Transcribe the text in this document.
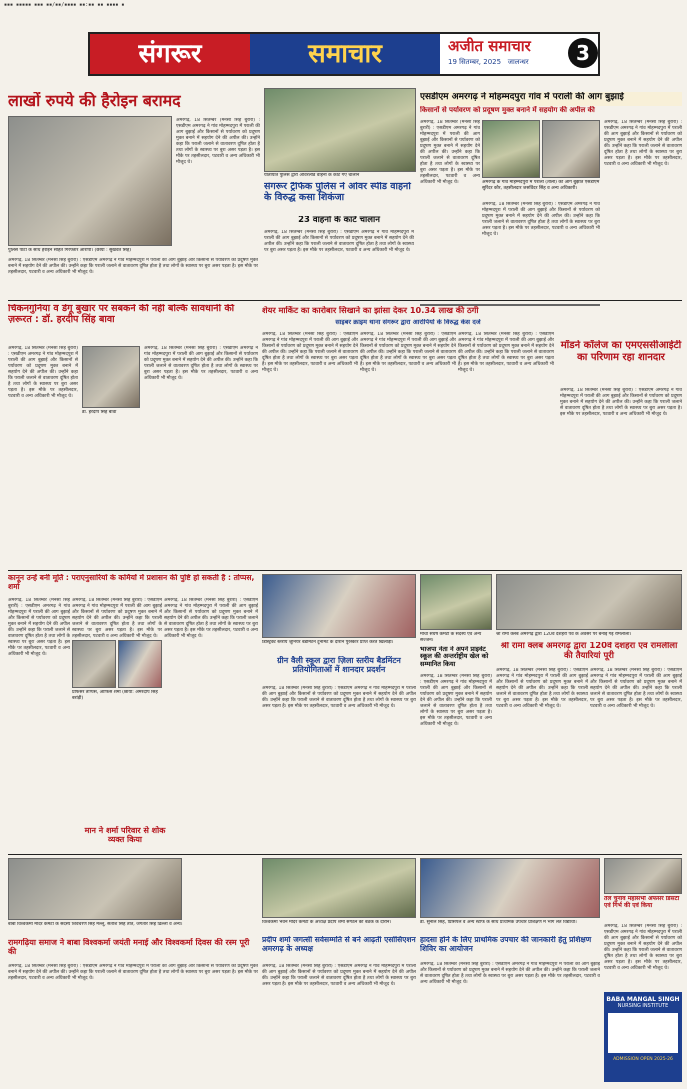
▪▪▪ ▪▪▪▪▪ ▪▪▪ ▪▪/▪▪/▪▪▪▪ ▪▪:▪▪ ▪▪ ▪▪▪▪ ▪
संगरूर	समाचार	अजीत समाचार
19 सितम्बर, 2025 जालन्धर	3
लाखों रुपये की हैरोइन बरामद
पुलिस पार्टी के साथ हेरोइन सहित गिरफ्तार आरोपी। (छाया : सुखवंत सिंह)
अमरगढ़, 18 सितम्बर (मनसा सिंह बुरारी) : एसडीएम अमरगढ़ ने गांव मोहम्मदपुरा में पराली की आग बुझाई और किसानों से पर्यावरण को प्रदूषण मुक्त बनाने में सहयोग देने की अपील की। उन्होंने कहा कि पराली जलाने से वातावरण दूषित होता है तथा लोगों के स्वास्थ्य पर बुरा असर पड़ता है। इस मौके पर तहसीलदार, पटवारी व अन्य अधिकारी भी मौजूद थे।
अमरगढ़, 18 सितम्बर (मनसा सिंह बुरारी) : एसडीएम अमरगढ़ ने गांव मोहम्मदपुरा में पराली की आग बुझाई और किसानों से पर्यावरण को प्रदूषण मुक्त बनाने में सहयोग देने की अपील की। उन्होंने कहा कि पराली जलाने से वातावरण दूषित होता है तथा लोगों के स्वास्थ्य पर बुरा असर पड़ता है। इस मौके पर तहसीलदार, पटवारी व अन्य अधिकारी भी मौजूद थे।
यातायात पुलिस द्वारा ओवरलोड वाहनों के काटे गए चालान
संगरूर ट्रैफिक पुलिस ने ओवर स्पीड वाहनों के विरुद्ध कसा शिकंजा
23 वाहनों के काटे चालान
अमरगढ़, 18 सितम्बर (मनसा सिंह बुरारी) : एसडीएम अमरगढ़ ने गांव मोहम्मदपुरा में पराली की आग बुझाई और किसानों से पर्यावरण को प्रदूषण मुक्त बनाने में सहयोग देने की अपील की। उन्होंने कहा कि पराली जलाने से वातावरण दूषित होता है तथा लोगों के स्वास्थ्य पर बुरा असर पड़ता है। इस मौके पर तहसीलदार, पटवारी व अन्य अधिकारी भी मौजूद थे।
एसडीएम अमरगढ़ ने मोहम्मदपुरा गांव में पराली की आग बुझाई
किसानों से पर्यावरण को प्रदूषण मुक्त बनाने में सहयोग की अपील की
अमरगढ़, 18 सितम्बर (मनसा सिंह बुरारी) : एसडीएम अमरगढ़ ने गांव मोहम्मदपुरा में पराली की आग बुझाई और किसानों से पर्यावरण को प्रदूषण मुक्त बनाने में सहयोग देने की अपील की। उन्होंने कहा कि पराली जलाने से वातावरण दूषित होता है तथा लोगों के स्वास्थ्य पर बुरा असर पड़ता है। इस मौके पर तहसीलदार, पटवारी व अन्य अधिकारी भी मौजूद थे।	अमरगढ़ के गांव मोहम्मदपुरा में पराली (तीली) की आग बुझाते एसडीएम सुरिंदर कौर, तहसीलदार जसविंदर सिंह व अन्य अधिकारी।
अमरगढ़, 18 सितम्बर (मनसा सिंह बुरारी) : एसडीएम अमरगढ़ ने गांव मोहम्मदपुरा में पराली की आग बुझाई और किसानों से पर्यावरण को प्रदूषण मुक्त बनाने में सहयोग देने की अपील की। उन्होंने कहा कि पराली जलाने से वातावरण दूषित होता है तथा लोगों के स्वास्थ्य पर बुरा असर पड़ता है। इस मौके पर तहसीलदार, पटवारी व अन्य अधिकारी भी मौजूद थे।
अमरगढ़, 18 सितम्बर (मनसा सिंह बुरारी) : एसडीएम अमरगढ़ ने गांव मोहम्मदपुरा में पराली की आग बुझाई और किसानों से पर्यावरण को प्रदूषण मुक्त बनाने में सहयोग देने की अपील की। उन्होंने कहा कि पराली जलाने से वातावरण दूषित होता है तथा लोगों के स्वास्थ्य पर बुरा असर पड़ता है। इस मौके पर तहसीलदार, पटवारी व अन्य अधिकारी भी मौजूद थे।
चिकनगुनिया व डेंगू बुखार पर सबकने की नहीं बल्कि सावधानी की ज़रूरत : डॉ. हरदीप सिंह बावा
अमरगढ़, 18 सितम्बर (मनसा सिंह बुरारी) : एसडीएम अमरगढ़ ने गांव मोहम्मदपुरा में पराली की आग बुझाई और किसानों से पर्यावरण को प्रदूषण मुक्त बनाने में सहयोग देने की अपील की। उन्होंने कहा कि पराली जलाने से वातावरण दूषित होता है तथा लोगों के स्वास्थ्य पर बुरा असर पड़ता है। इस मौके पर तहसीलदार, पटवारी व अन्य अधिकारी भी मौजूद थे।
डा. हरदीप सिंह बावा
अमरगढ़, 18 सितम्बर (मनसा सिंह बुरारी) : एसडीएम अमरगढ़ ने गांव मोहम्मदपुरा में पराली की आग बुझाई और किसानों से पर्यावरण को प्रदूषण मुक्त बनाने में सहयोग देने की अपील की। उन्होंने कहा कि पराली जलाने से वातावरण दूषित होता है तथा लोगों के स्वास्थ्य पर बुरा असर पड़ता है। इस मौके पर तहसीलदार, पटवारी व अन्य अधिकारी भी मौजूद थे।
शेयर मार्किट का कारोबार सिखाने का झांसा देकर 10.34 लाख की ठगी
साइबर क्राइम थाना संगरूर द्वारा आरोपियों के विरुद्ध केस दर्ज
अमरगढ़, 18 सितम्बर (मनसा सिंह बुरारी) : एसडीएम अमरगढ़ ने गांव मोहम्मदपुरा में पराली की आग बुझाई और किसानों से पर्यावरण को प्रदूषण मुक्त बनाने में सहयोग देने की अपील की। उन्होंने कहा कि पराली जलाने से वातावरण दूषित होता है तथा लोगों के स्वास्थ्य पर बुरा असर पड़ता है। इस मौके पर तहसीलदार, पटवारी व अन्य अधिकारी भी मौजूद थे।
अमरगढ़, 18 सितम्बर (मनसा सिंह बुरारी) : एसडीएम अमरगढ़ ने गांव मोहम्मदपुरा में पराली की आग बुझाई और किसानों से पर्यावरण को प्रदूषण मुक्त बनाने में सहयोग देने की अपील की। उन्होंने कहा कि पराली जलाने से वातावरण दूषित होता है तथा लोगों के स्वास्थ्य पर बुरा असर पड़ता है। इस मौके पर तहसीलदार, पटवारी व अन्य अधिकारी भी मौजूद थे।
अमरगढ़, 18 सितम्बर (मनसा सिंह बुरारी) : एसडीएम अमरगढ़ ने गांव मोहम्मदपुरा में पराली की आग बुझाई और किसानों से पर्यावरण को प्रदूषण मुक्त बनाने में सहयोग देने की अपील की। उन्होंने कहा कि पराली जलाने से वातावरण दूषित होता है तथा लोगों के स्वास्थ्य पर बुरा असर पड़ता है। इस मौके पर तहसीलदार, पटवारी व अन्य अधिकारी भी मौजूद थे।
मॉडर्न कॉलेज का एमएससीआईटी का परिणाम रहा शानदार
अमरगढ़, 18 सितम्बर (मनसा सिंह बुरारी) : एसडीएम अमरगढ़ ने गांव मोहम्मदपुरा में पराली की आग बुझाई और किसानों से पर्यावरण को प्रदूषण मुक्त बनाने में सहयोग देने की अपील की। उन्होंने कहा कि पराली जलाने से वातावरण दूषित होता है तथा लोगों के स्वास्थ्य पर बुरा असर पड़ता है। इस मौके पर तहसीलदार, पटवारी व अन्य अधिकारी भी मौजूद थे।
कानून उन्हें बनी मूर्ति : पराएनुसारियों के कर्मियों में प्रशासन की पुष्टि हो सकती है : तोप्पस, शर्मा
अमरगढ़, 18 सितम्बर (मनसा सिंह बुरारी) : एसडीएम अमरगढ़ ने गांव मोहम्मदपुरा में पराली की आग बुझाई और किसानों से पर्यावरण को प्रदूषण मुक्त बनाने में सहयोग देने की अपील की। उन्होंने कहा कि पराली जलाने से वातावरण दूषित होता है तथा लोगों के स्वास्थ्य पर बुरा असर पड़ता है। इस मौके पर तहसीलदार, पटवारी व अन्य अधिकारी भी मौजूद थे।
प्रोफेसर तोप्पस, ऑफिस शर्मा (छाया: अमरदीप सिंह बरांड़ी)
अमरगढ़, 18 सितम्बर (मनसा सिंह बुरारी) : एसडीएम अमरगढ़ ने गांव मोहम्मदपुरा में पराली की आग बुझाई और किसानों से पर्यावरण को प्रदूषण मुक्त बनाने में सहयोग देने की अपील की। उन्होंने कहा कि पराली जलाने से वातावरण दूषित होता है तथा लोगों के स्वास्थ्य पर बुरा असर पड़ता है। इस मौके पर तहसीलदार, पटवारी व अन्य अधिकारी भी मौजूद थे।
अमरगढ़, 18 सितम्बर (मनसा सिंह बुरारी) : एसडीएम अमरगढ़ ने गांव मोहम्मदपुरा में पराली की आग बुझाई और किसानों से पर्यावरण को प्रदूषण मुक्त बनाने में सहयोग देने की अपील की। उन्होंने कहा कि पराली जलाने से वातावरण दूषित होता है तथा लोगों के स्वास्थ्य पर बुरा असर पड़ता है। इस मौके पर तहसीलदार, पटवारी व अन्य अधिकारी भी मौजूद थे।
डिस्ट्रिक्ट स्तरीय जूनियर बैडमिंटन टूर्नामेंट के दौरान पुरस्कार प्राप्त करते खिलाड़ी।
ग्रीन वैली स्कूल द्वारा ज़िला स्तरीय बैडमिंटन प्रतियोगिताओं में शानदार प्रदर्शन
अमरगढ़, 18 सितम्बर (मनसा सिंह बुरारी) : एसडीएम अमरगढ़ ने गांव मोहम्मदपुरा में पराली की आग बुझाई और किसानों से पर्यावरण को प्रदूषण मुक्त बनाने में सहयोग देने की अपील की। उन्होंने कहा कि पराली जलाने से वातावरण दूषित होता है तथा लोगों के स्वास्थ्य पर बुरा असर पड़ता है। इस मौके पर तहसीलदार, पटवारी व अन्य अधिकारी भी मौजूद थे।
मोर्चा संघर्ष कमेटी के सदस्य एवं अन्य सज्जन।
भाजपा नेता ने अपने प्राइवेट स्कूल की अन्तर्राष्ट्रीय खेल को सम्मानित किया
श्री रामा क्लब अमरगढ़ द्वारा 120वें दशहरा पर्व के अवसर पर बनाई गई रामलीला।
श्री रामा क्लब अमरगढ़ द्वारा 120वें दशहरा एवं रामलीला की तैयारियां पूरी
अमरगढ़, 18 सितम्बर (मनसा सिंह बुरारी) : एसडीएम अमरगढ़ ने गांव मोहम्मदपुरा में पराली की आग बुझाई और किसानों से पर्यावरण को प्रदूषण मुक्त बनाने में सहयोग देने की अपील की। उन्होंने कहा कि पराली जलाने से वातावरण दूषित होता है तथा लोगों के स्वास्थ्य पर बुरा असर पड़ता है। इस मौके पर तहसीलदार, पटवारी व अन्य अधिकारी भी मौजूद थे।
अमरगढ़, 18 सितम्बर (मनसा सिंह बुरारी) : एसडीएम अमरगढ़ ने गांव मोहम्मदपुरा में पराली की आग बुझाई और किसानों से पर्यावरण को प्रदूषण मुक्त बनाने में सहयोग देने की अपील की। उन्होंने कहा कि पराली जलाने से वातावरण दूषित होता है तथा लोगों के स्वास्थ्य पर बुरा असर पड़ता है। इस मौके पर तहसीलदार, पटवारी व अन्य अधिकारी भी मौजूद थे।
अमरगढ़, 18 सितम्बर (मनसा सिंह बुरारी) : एसडीएम अमरगढ़ ने गांव मोहम्मदपुरा में पराली की आग बुझाई और किसानों से पर्यावरण को प्रदूषण मुक्त बनाने में सहयोग देने की अपील की। उन्होंने कहा कि पराली जलाने से वातावरण दूषित होता है तथा लोगों के स्वास्थ्य पर बुरा असर पड़ता है। इस मौके पर तहसीलदार, पटवारी व अन्य अधिकारी भी मौजूद थे।
मान ने शर्मा परिवार से शोक व्यक्त किया
बाबा विश्वकर्मा मंदिर कमेटी के सदस्य शिवचरण सिंह मल्लू, सतीश सिंह तोते, जगतार सिंह ढिल्लो व अन्य।
रामगढ़िया समाज ने बाबा विश्वकर्मा जयंती मनाई और विश्वकर्मा दिवस की रस्म पूरी की
अमरगढ़, 18 सितम्बर (मनसा सिंह बुरारी) : एसडीएम अमरगढ़ ने गांव मोहम्मदपुरा में पराली की आग बुझाई और किसानों से पर्यावरण को प्रदूषण मुक्त बनाने में सहयोग देने की अपील की। उन्होंने कहा कि पराली जलाने से वातावरण दूषित होता है तथा लोगों के स्वास्थ्य पर बुरा असर पड़ता है। इस मौके पर तहसीलदार, पटवारी व अन्य अधिकारी भी मौजूद थे।
विश्वकर्मा भवन मंदिर कमेटी के अध्यक्ष प्रदीप शर्मा संगठन की बैठक के दौरान।
प्रदीप शर्मा जगत्सी सर्वसम्मति से बने आढ़ती एसोसिएशन अमरगढ़ के अध्यक्ष
अमरगढ़, 18 सितम्बर (मनसा सिंह बुरारी) : एसडीएम अमरगढ़ ने गांव मोहम्मदपुरा में पराली की आग बुझाई और किसानों से पर्यावरण को प्रदूषण मुक्त बनाने में सहयोग देने की अपील की। उन्होंने कहा कि पराली जलाने से वातावरण दूषित होता है तथा लोगों के स्वास्थ्य पर बुरा असर पड़ता है। इस मौके पर तहसीलदार, पटवारी व अन्य अधिकारी भी मौजूद थे।
डॉ. सुनील सिंह, प्रिंसिपल व अन्य स्टाफ के साथ प्राथमिक उपचार प्रशिक्षण में भाग लेते विद्यार्थी।
हादसा होने के लिए प्राथमिक उपचार की जानकारी हेतु प्रशिक्षण शिविर का आयोजन
अमरगढ़, 18 सितम्बर (मनसा सिंह बुरारी) : एसडीएम अमरगढ़ ने गांव मोहम्मदपुरा में पराली की आग बुझाई और किसानों से पर्यावरण को प्रदूषण मुक्त बनाने में सहयोग देने की अपील की। उन्होंने कहा कि पराली जलाने से वातावरण दूषित होता है तथा लोगों के स्वास्थ्य पर बुरा असर पड़ता है। इस मौके पर तहसीलदार, पटवारी व अन्य अधिकारी भी मौजूद थे।
तेल चुनाव महासभी अफसर डिसटी एवं गिर्भ की एवं किया
अमरगढ़, 18 सितम्बर (मनसा सिंह बुरारी) : एसडीएम अमरगढ़ ने गांव मोहम्मदपुरा में पराली की आग बुझाई और किसानों से पर्यावरण को प्रदूषण मुक्त बनाने में सहयोग देने की अपील की। उन्होंने कहा कि पराली जलाने से वातावरण दूषित होता है तथा लोगों के स्वास्थ्य पर बुरा असर पड़ता है। इस मौके पर तहसीलदार, पटवारी व अन्य अधिकारी भी मौजूद थे।
BABA MANGAL SINGH
NURSING INSTITUTE
ADMISSION OPEN 2025-26
